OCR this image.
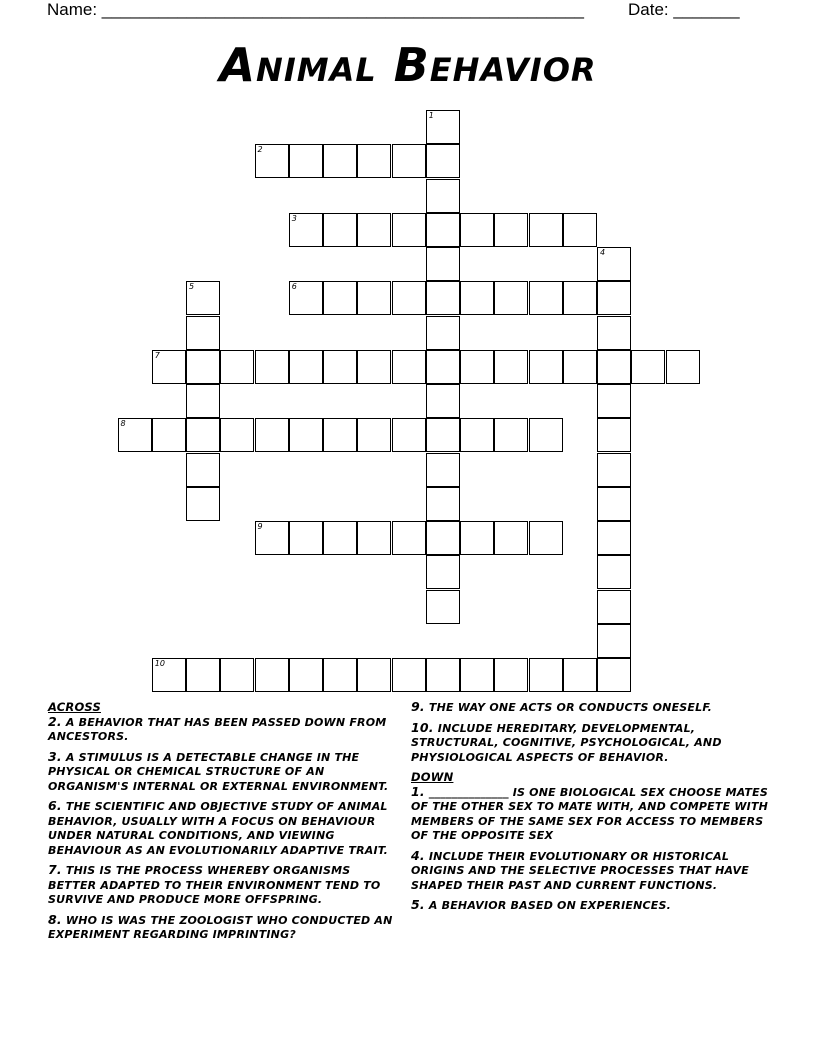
Name: ___________________________________________________	Date: _______
Animal Behavior
1
2
3
4
5	6
7
8
9
10
ACROSS
2. A BEHAVIOR THAT HAS BEEN PASSED DOWN FROM ANCESTORS.
3. A STIMULUS IS A DETECTABLE CHANGE IN THE PHYSICAL OR CHEMICAL STRUCTURE OF AN ORGANISM'S INTERNAL OR EXTERNAL ENVIRONMENT.
6. THE SCIENTIFIC AND OBJECTIVE STUDY OF ANIMAL BEHAVIOR, USUALLY WITH A FOCUS ON BEHAVIOUR UNDER NATURAL CONDITIONS, AND VIEWING BEHAVIOUR AS AN EVOLUTIONARILY ADAPTIVE TRAIT.
7. THIS IS THE PROCESS WHEREBY ORGANISMS BETTER ADAPTED TO THEIR ENVIRONMENT TEND TO SURVIVE AND PRODUCE MORE OFFSPRING.
8. WHO IS WAS THE ZOOLOGIST WHO CONDUCTED AN EXPERIMENT REGARDING IMPRINTING?
9. THE WAY ONE ACTS OR CONDUCTS ONESELF.
10. INCLUDE HEREDITARY, DEVELOPMENTAL, STRUCTURAL, COGNITIVE, PSYCHOLOGICAL, AND PHYSIOLOGICAL ASPECTS OF BEHAVIOR.
DOWN
1. ______________ IS ONE BIOLOGICAL SEX CHOOSE MATES OF THE OTHER SEX TO MATE WITH, AND COMPETE WITH MEMBERS OF THE SAME SEX FOR ACCESS TO MEMBERS OF THE OPPOSITE SEX
4. INCLUDE THEIR EVOLUTIONARY OR HISTORICAL ORIGINS AND THE SELECTIVE PROCESSES THAT HAVE SHAPED THEIR PAST AND CURRENT FUNCTIONS.
5. A BEHAVIOR BASED ON EXPERIENCES.
